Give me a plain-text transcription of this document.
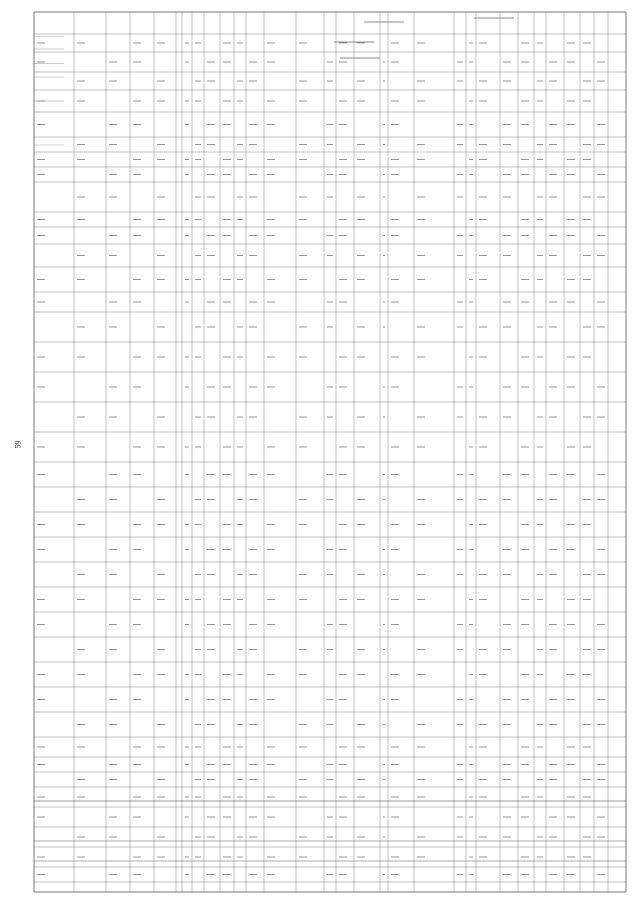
59
